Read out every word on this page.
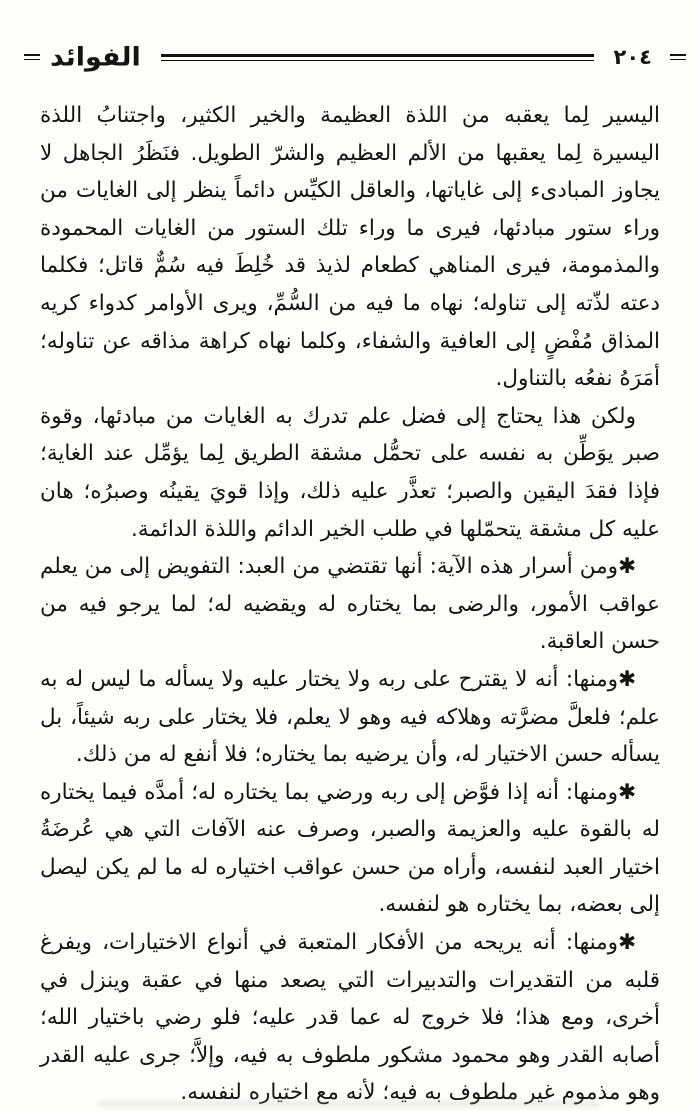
الفوائد	٢٠٤

اليسير لِما يعقبه من اللذة العظيمة والخير الكثير، واجتنابُ اللذة اليسيرة لِما يعقبها من الألم العظيم والشرّ الطويل. فنَظَرُ الجاهل لا يجاوز المبادىء إلى غاياتها، والعاقل الكيِّس دائماً ينظر إلى الغايات من وراء ستور مبادئها، فيرى ما وراء تلك الستور من الغايات المحمودة والمذمومة، فيرى المناهي كطعام لذيذ قد خُلِطَ فيه سُمٌّ قاتل؛ فكلما دعته لذّته إلى تناوله؛ نهاه ما فيه من السُّمِّ، ويرى الأوامر كدواء كريه المذاق مُفْضٍ إلى العافية والشفاء، وكلما نهاه كراهة مذاقه عن تناوله؛ أمَرَهُ نفعُه بالتناول.

ولكن هذا يحتاج إلى فضل علم تدرك به الغايات من مبادئها، وقوة صبر يوَطِّن به نفسه على تحمُّل مشقة الطريق لِما يؤمِّل عند الغاية؛ فإذا فقدَ اليقين والصبر؛ تعذَّر عليه ذلك، وإذا قويَ يقينُه وصبرُه؛ هان عليه كل مشقة يتحمّلها في طلب الخير الدائم واللذة الدائمة.

✱ومن أسرار هذه الآية: أنها تقتضي من العبد: التفويض إلى من يعلم عواقب الأمور، والرضى بما يختاره له ويقضيه له؛ لما يرجو فيه من حسن العاقبة.

✱ومنها: أنه لا يقترح على ربه ولا يختار عليه ولا يسأله ما ليس له به علم؛ فلعلَّ مضرَّته وهلاكه فيه وهو لا يعلم، فلا يختار على ربه شيئاً، بل يسأله حسن الاختيار له، وأن يرضيه بما يختاره؛ فلا أنفع له من ذلك.

✱ومنها: أنه إذا فوَّض إلى ربه ورضي بما يختاره له؛ أمدَّه فيما يختاره له بالقوة عليه والعزيمة والصبر، وصرف عنه الآفات التي هي عُرضَةُ اختيار العبد لنفسه، وأراه من حسن عواقب اختياره له ما لم يكن ليصل إلى بعضه، بما يختاره هو لنفسه.

✱ومنها: أنه يريحه من الأفكار المتعبة في أنواع الاختيارات، ويفرغ قلبه من التقديرات والتدبيرات التي يصعد منها في عقبة وينزل في أخرى، ومع هذا؛ فلا خروج له عما قدر عليه؛ فلو رضي باختيار الله؛ أصابه القدر وهو محمود مشكور ملطوف به فيه، وإلاَّ؛ جرى عليه القدر وهو مذموم غير ملطوف به فيه؛ لأنه مع اختياره لنفسه.
